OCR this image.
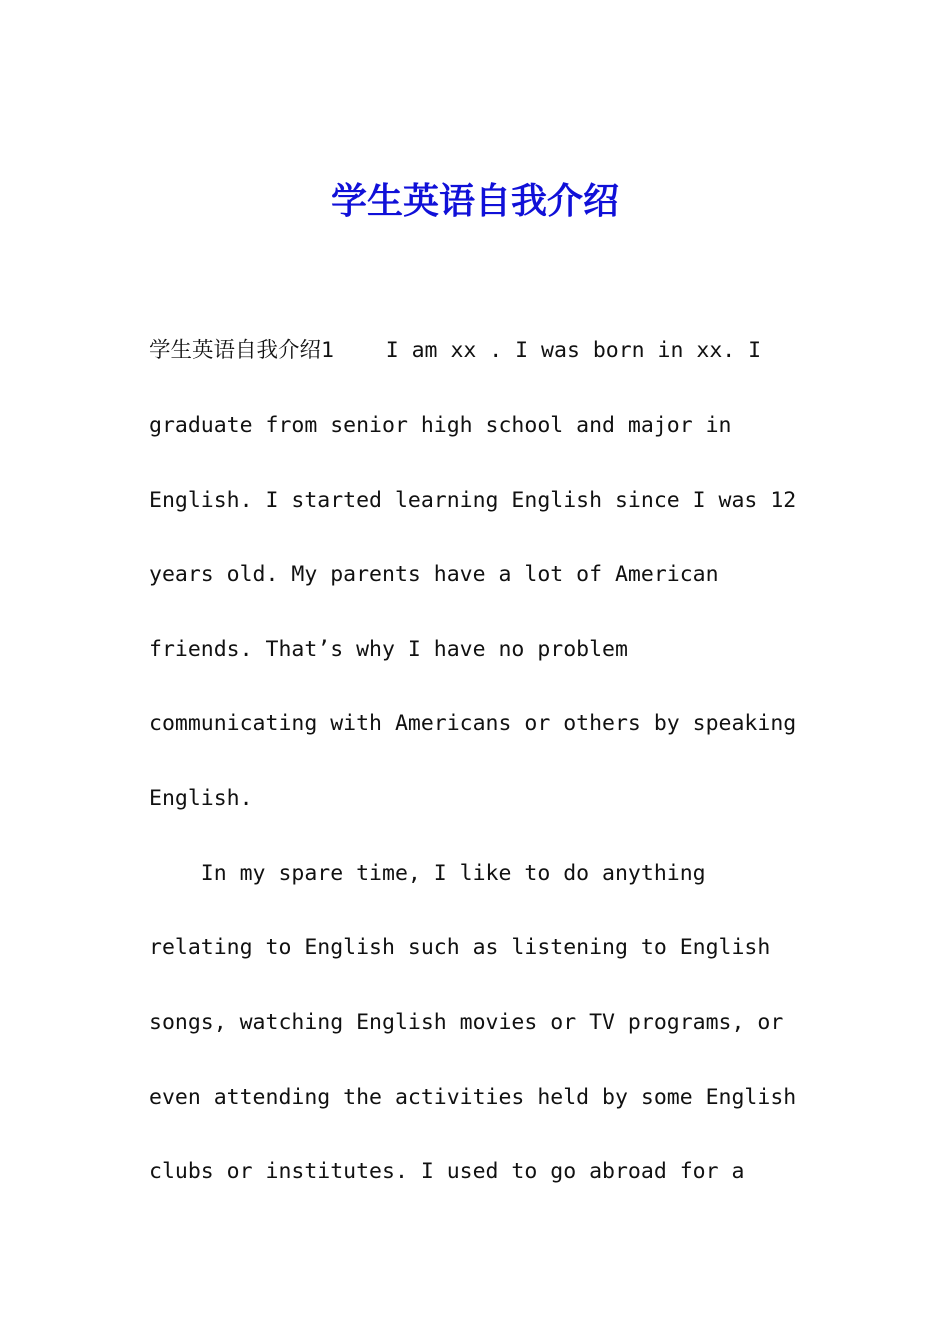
学生英语自我介绍
学生英语自我介绍1    I am xx . I was born in xx. I
graduate from senior high school and major in
English. I started learning English since I was 12
years old. My parents have a lot of American
friends. That’s why I have no problem
communicating with Americans or others by speaking
English.
In my spare time, I like to do anything
relating to English such as listening to English
songs, watching English movies or TV programs, or
even attending the activities held by some English
clubs or institutes. I used to go abroad for a
